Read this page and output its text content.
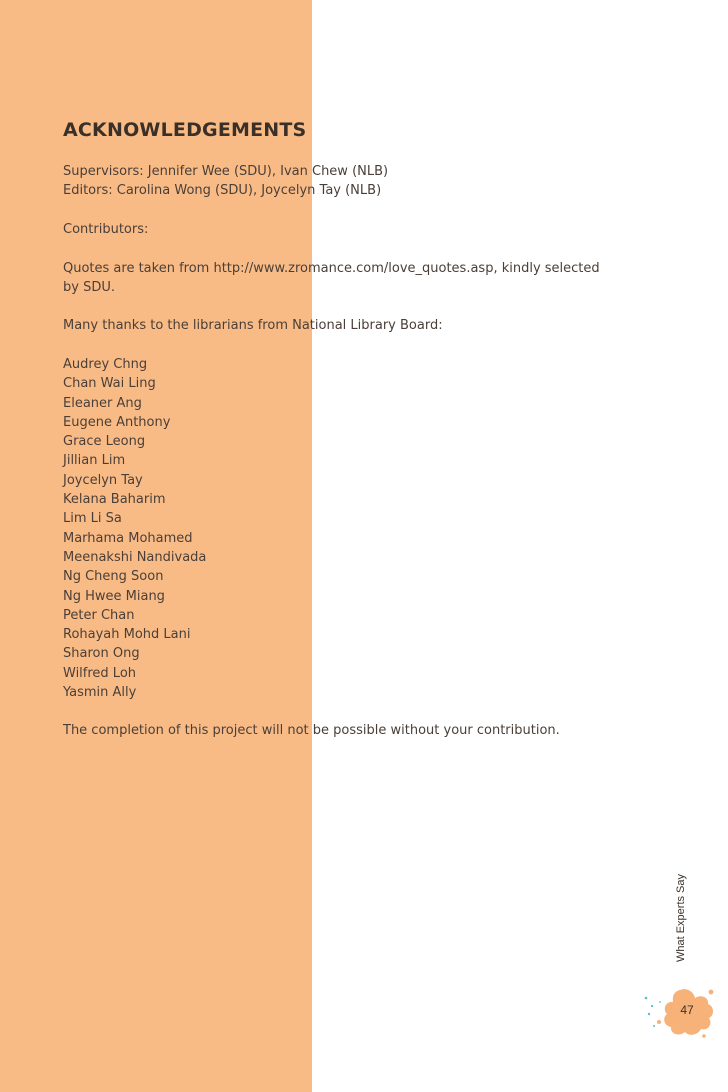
ACKNOWLEDGEMENTS
Supervisors: Jennifer Wee (SDU), Ivan Chew (NLB)
Editors: Carolina Wong (SDU), Joycelyn Tay (NLB)
Contributors:
Quotes are taken from http://www.zromance.com/love_quotes.asp, kindly selected
by SDU.
Many thanks to the librarians from National Library Board:
Audrey Chng
Chan Wai Ling
Eleaner Ang
Eugene Anthony
Grace Leong
Jillian Lim
Joycelyn Tay
Kelana Baharim
Lim Li Sa
Marhama Mohamed
Meenakshi Nandivada
Ng Cheng Soon
Ng Hwee Miang
Peter Chan
Rohayah Mohd Lani
Sharon Ong
Wilfred Loh
Yasmin Ally
The completion of this project will not be possible without your contribution.
What Experts Say
47
